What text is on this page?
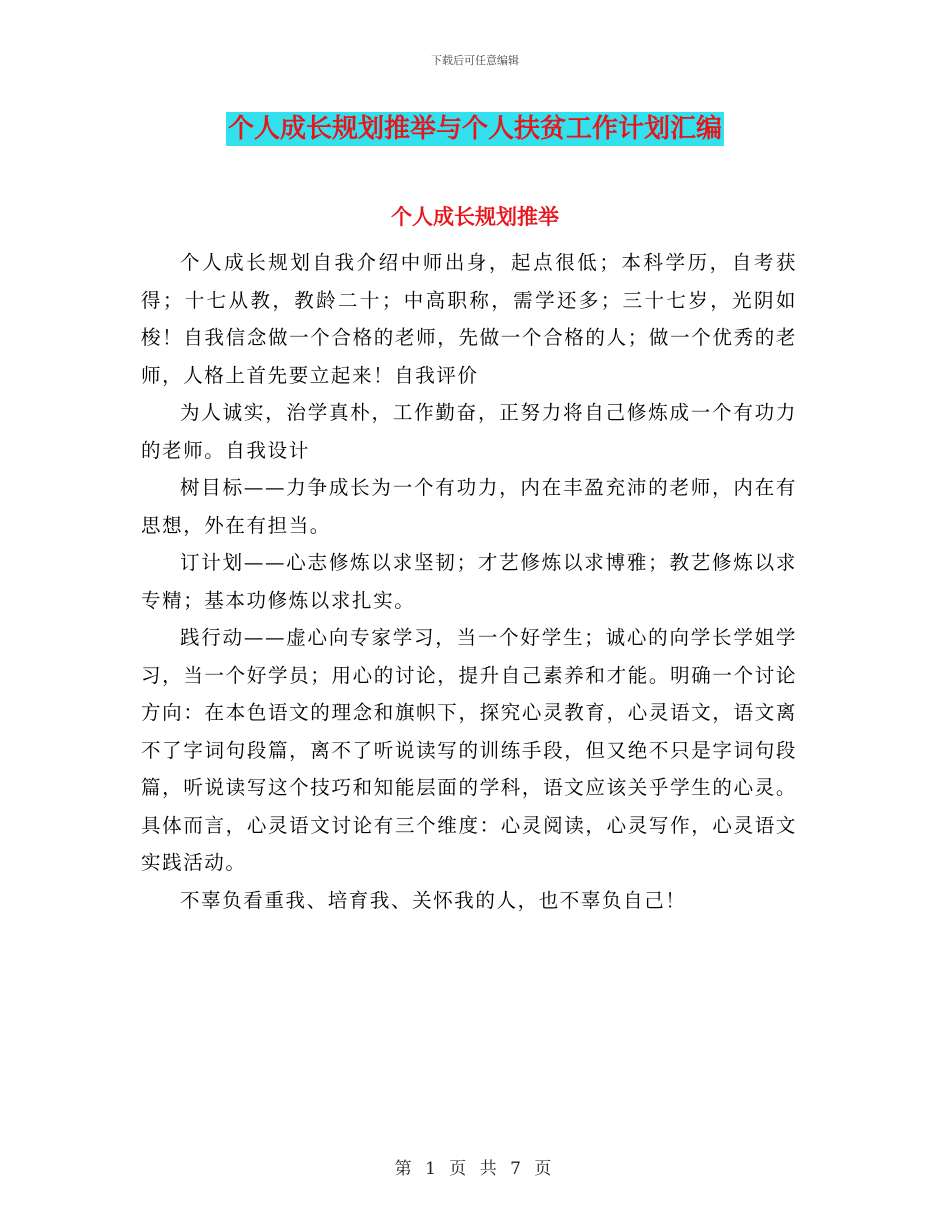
下载后可任意编辑
个人成长规划推举与个人扶贫工作计划汇编
个人成长规划推举

个人成长规划自我介绍中师出身，起点很低；本科学历，自考获得；十七从教，教龄二十；中高职称，需学还多；三十七岁，光阴如梭！自我信念做一个合格的老师，先做一个合格的人；做一个优秀的老师，人格上首先要立起来！自我评价

为人诚实，治学真朴，工作勤奋，正努力将自己修炼成一个有功力的老师。自我设计

树目标——力争成长为一个有功力，内在丰盈充沛的老师，内在有思想，外在有担当。

订计划——心志修炼以求坚韧；才艺修炼以求博雅；教艺修炼以求专精；基本功修炼以求扎实。

践行动——虚心向专家学习，当一个好学生；诚心的向学长学姐学习，当一个好学员；用心的讨论，提升自己素养和才能。明确一个讨论方向：在本色语文的理念和旗帜下，探究心灵教育，心灵语文，语文离不了字词句段篇，离不了听说读写的训练手段，但又绝不只是字词句段篇，听说读写这个技巧和知能层面的学科，语文应该关乎学生的心灵。具体而言，心灵语文讨论有三个维度：心灵阅读，心灵写作，心灵语文实践活动。

不辜负看重我、培育我、关怀我的人，也不辜负自己！

第 1 页 共 7 页
